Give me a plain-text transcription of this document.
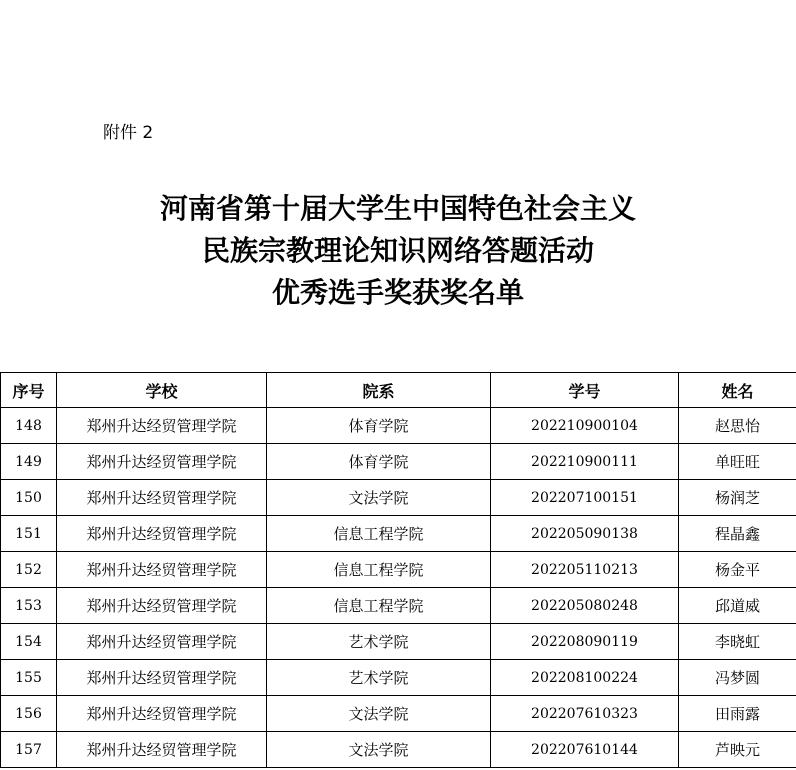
附件 2
河南省第十届大学生中国特色社会主义
民族宗教理论知识网络答题活动
优秀选手奖获奖名单
序号	学校	院系	学号	姓名
148	郑州升达经贸管理学院	体育学院	202210900104	赵思怡
149	郑州升达经贸管理学院	体育学院	202210900111	单旺旺
150	郑州升达经贸管理学院	文法学院	202207100151	杨润芝
151	郑州升达经贸管理学院	信息工程学院	202205090138	程晶鑫
152	郑州升达经贸管理学院	信息工程学院	202205110213	杨金平
153	郑州升达经贸管理学院	信息工程学院	202205080248	邱道威
154	郑州升达经贸管理学院	艺术学院	202208090119	李晓虹
155	郑州升达经贸管理学院	艺术学院	202208100224	冯梦圆
156	郑州升达经贸管理学院	文法学院	202207610323	田雨露
157	郑州升达经贸管理学院	文法学院	202207610144	芦映元
